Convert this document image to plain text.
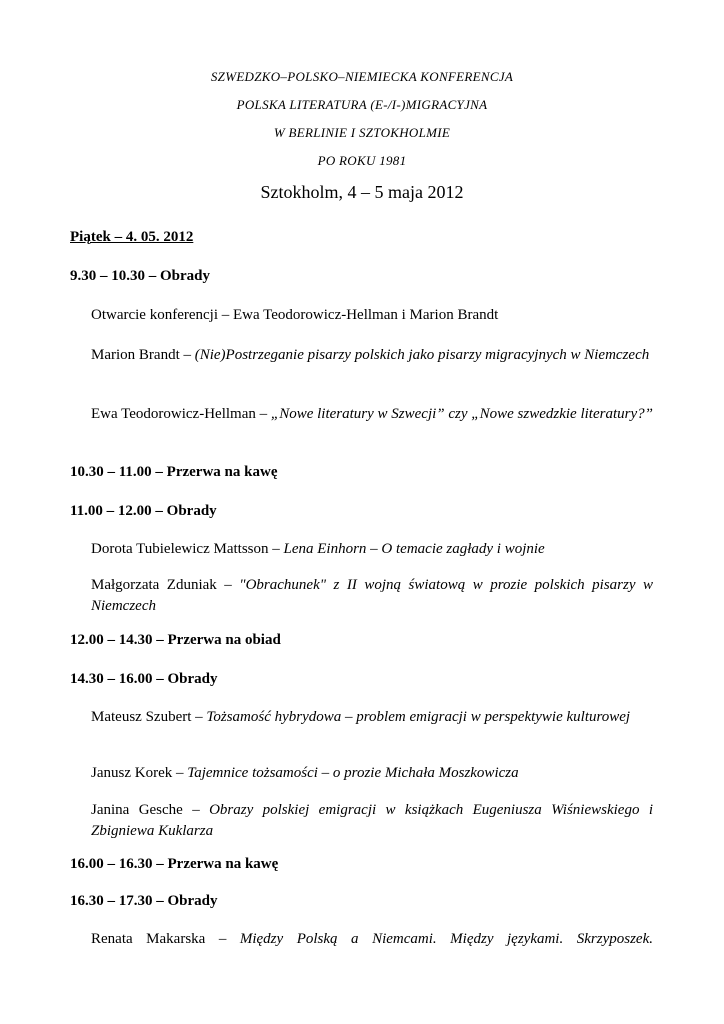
SZWEDZKO–POLSKO–NIEMIECKA KONFERENCJA
POLSKA LITERATURA (E-/I-)MIGRACYJNA
W BERLINIE I SZTOKHOLMIE
PO ROKU 1981
Sztokholm, 4 – 5 maja 2012
Piątek – 4. 05. 2012
9.30 – 10.30 – Obrady
Otwarcie konferencji – Ewa Teodorowicz-Hellman i Marion Brandt
Marion Brandt – (Nie)Postrzeganie pisarzy polskich jako pisarzy migracyjnych w Niemczech
Ewa Teodorowicz-Hellman – „Nowe literatury w Szwecji” czy „Nowe szwedzkie literatury?”
10.30 – 11.00 – Przerwa na kawę
11.00 – 12.00 – Obrady
Dorota Tubielewicz Mattsson – Lena Einhorn – O temacie zagłady i wojnie
Małgorzata Zduniak – "Obrachunek" z II wojną światową w prozie polskich pisarzy w Niemczech
12.00 – 14.30 – Przerwa na obiad
14.30 – 16.00 – Obrady
Mateusz Szubert – Tożsamość hybrydowa – problem emigracji w perspektywie kulturowej
Janusz Korek – Tajemnice tożsamości – o prozie Michała Moszkowicza
Janina Gesche – Obrazy polskiej emigracji w książkach Eugeniusza Wiśniewskiego i Zbigniewa Kuklarza
16.00 – 16.30 – Przerwa na kawę
16.30 – 17.30 – Obrady
Renata Makarska – Między Polską a Niemcami. Między językami. Skrzyposzek.
